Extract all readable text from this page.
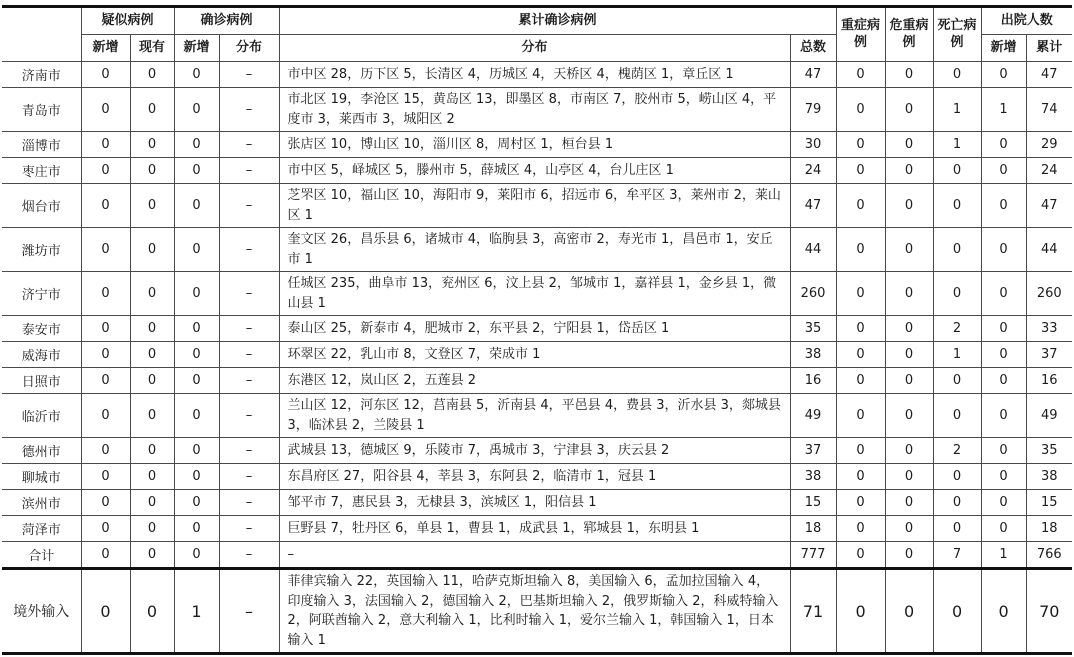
	疑似病例		确诊病例		累计确诊病例		重症病例	危重病例	死亡病例	出院人数	
	新增	现有	新增	分布	分布	总数				新增	累计
济南市	0	0	0	–	市中区 28，历下区 5，长清区 4，历城区 4，天桥区 4，槐荫区 1，章丘区 1	47	0	0	0	0	47
青岛市	0	0	0	–	市北区 19，李沧区 15，黄岛区 13，即墨区 8，市南区 7，胶州市 5，崂山区 4，平度市 3，莱西市 3，城阳区 2	79	0	0	1	1	74
淄博市	0	0	0	–	张店区 10，博山区 10，淄川区 8，周村区 1，桓台县 1	30	0	0	1	0	29
枣庄市	0	0	0	–	市中区 5，峄城区 5，滕州市 5，薛城区 4，山亭区 4，台儿庄区 1	24	0	0	0	0	24
烟台市	0	0	0	–	芝罘区 10，福山区 10，海阳市 9，莱阳市 6，招远市 6，牟平区 3，莱州市 2，莱山区 1	47	0	0	0	0	47
潍坊市	0	0	0	–	奎文区 26，昌乐县 6，诸城市 4，临朐县 3，高密市 2，寿光市 1，昌邑市 1，安丘市 1	44	0	0	0	0	44
济宁市	0	0	0	–	任城区 235，曲阜市 13，兖州区 6，汶上县 2，邹城市 1，嘉祥县 1，金乡县 1，微山县 1	260	0	0	0	0	260
泰安市	0	0	0	–	泰山区 25，新泰市 4，肥城市 2，东平县 2，宁阳县 1，岱岳区 1	35	0	0	2	0	33
威海市	0	0	0	–	环翠区 22，乳山市 8，文登区 7，荣成市 1	38	0	0	1	0	37
日照市	0	0	0	–	东港区 12，岚山区 2，五莲县 2	16	0	0	0	0	16
临沂市	0	0	0	–	兰山区 12，河东区 12，莒南县 5，沂南县 4，平邑县 4，费县 3，沂水县 3，郯城县 3，临沭县 2，兰陵县 1	49	0	0	0	0	49
德州市	0	0	0	–	武城县 13，德城区 9，乐陵市 7，禹城市 3，宁津县 3，庆云县 2	37	0	0	2	0	35
聊城市	0	0	0	–	东昌府区 27，阳谷县 4，莘县 3，东阿县 2，临清市 1，冠县 1	38	0	0	0	0	38
滨州市	0	0	0	–	邹平市 7，惠民县 3，无棣县 3，滨城区 1，阳信县 1	15	0	0	0	0	15
菏泽市	0	0	0	–	巨野县 7，牡丹区 6，单县 1，曹县 1，成武县 1，郓城县 1，东明县 1	18	0	0	0	0	18
合计	0	0	0	–	–	777	0	0	7	1	766
境外输入	0	0	1	–	菲律宾输入 22，英国输入 11，哈萨克斯坦输入 8，美国输入 6，孟加拉国输入 4，印度输入 3，法国输入 2，德国输入 2，巴基斯坦输入 2，俄罗斯输入 2，科威特输入 2，阿联酋输入 2，意大利输入 1，比利时输入 1，爱尔兰输入 1，韩国输入 1，日本输入 1	71	0	0	0	0	70
